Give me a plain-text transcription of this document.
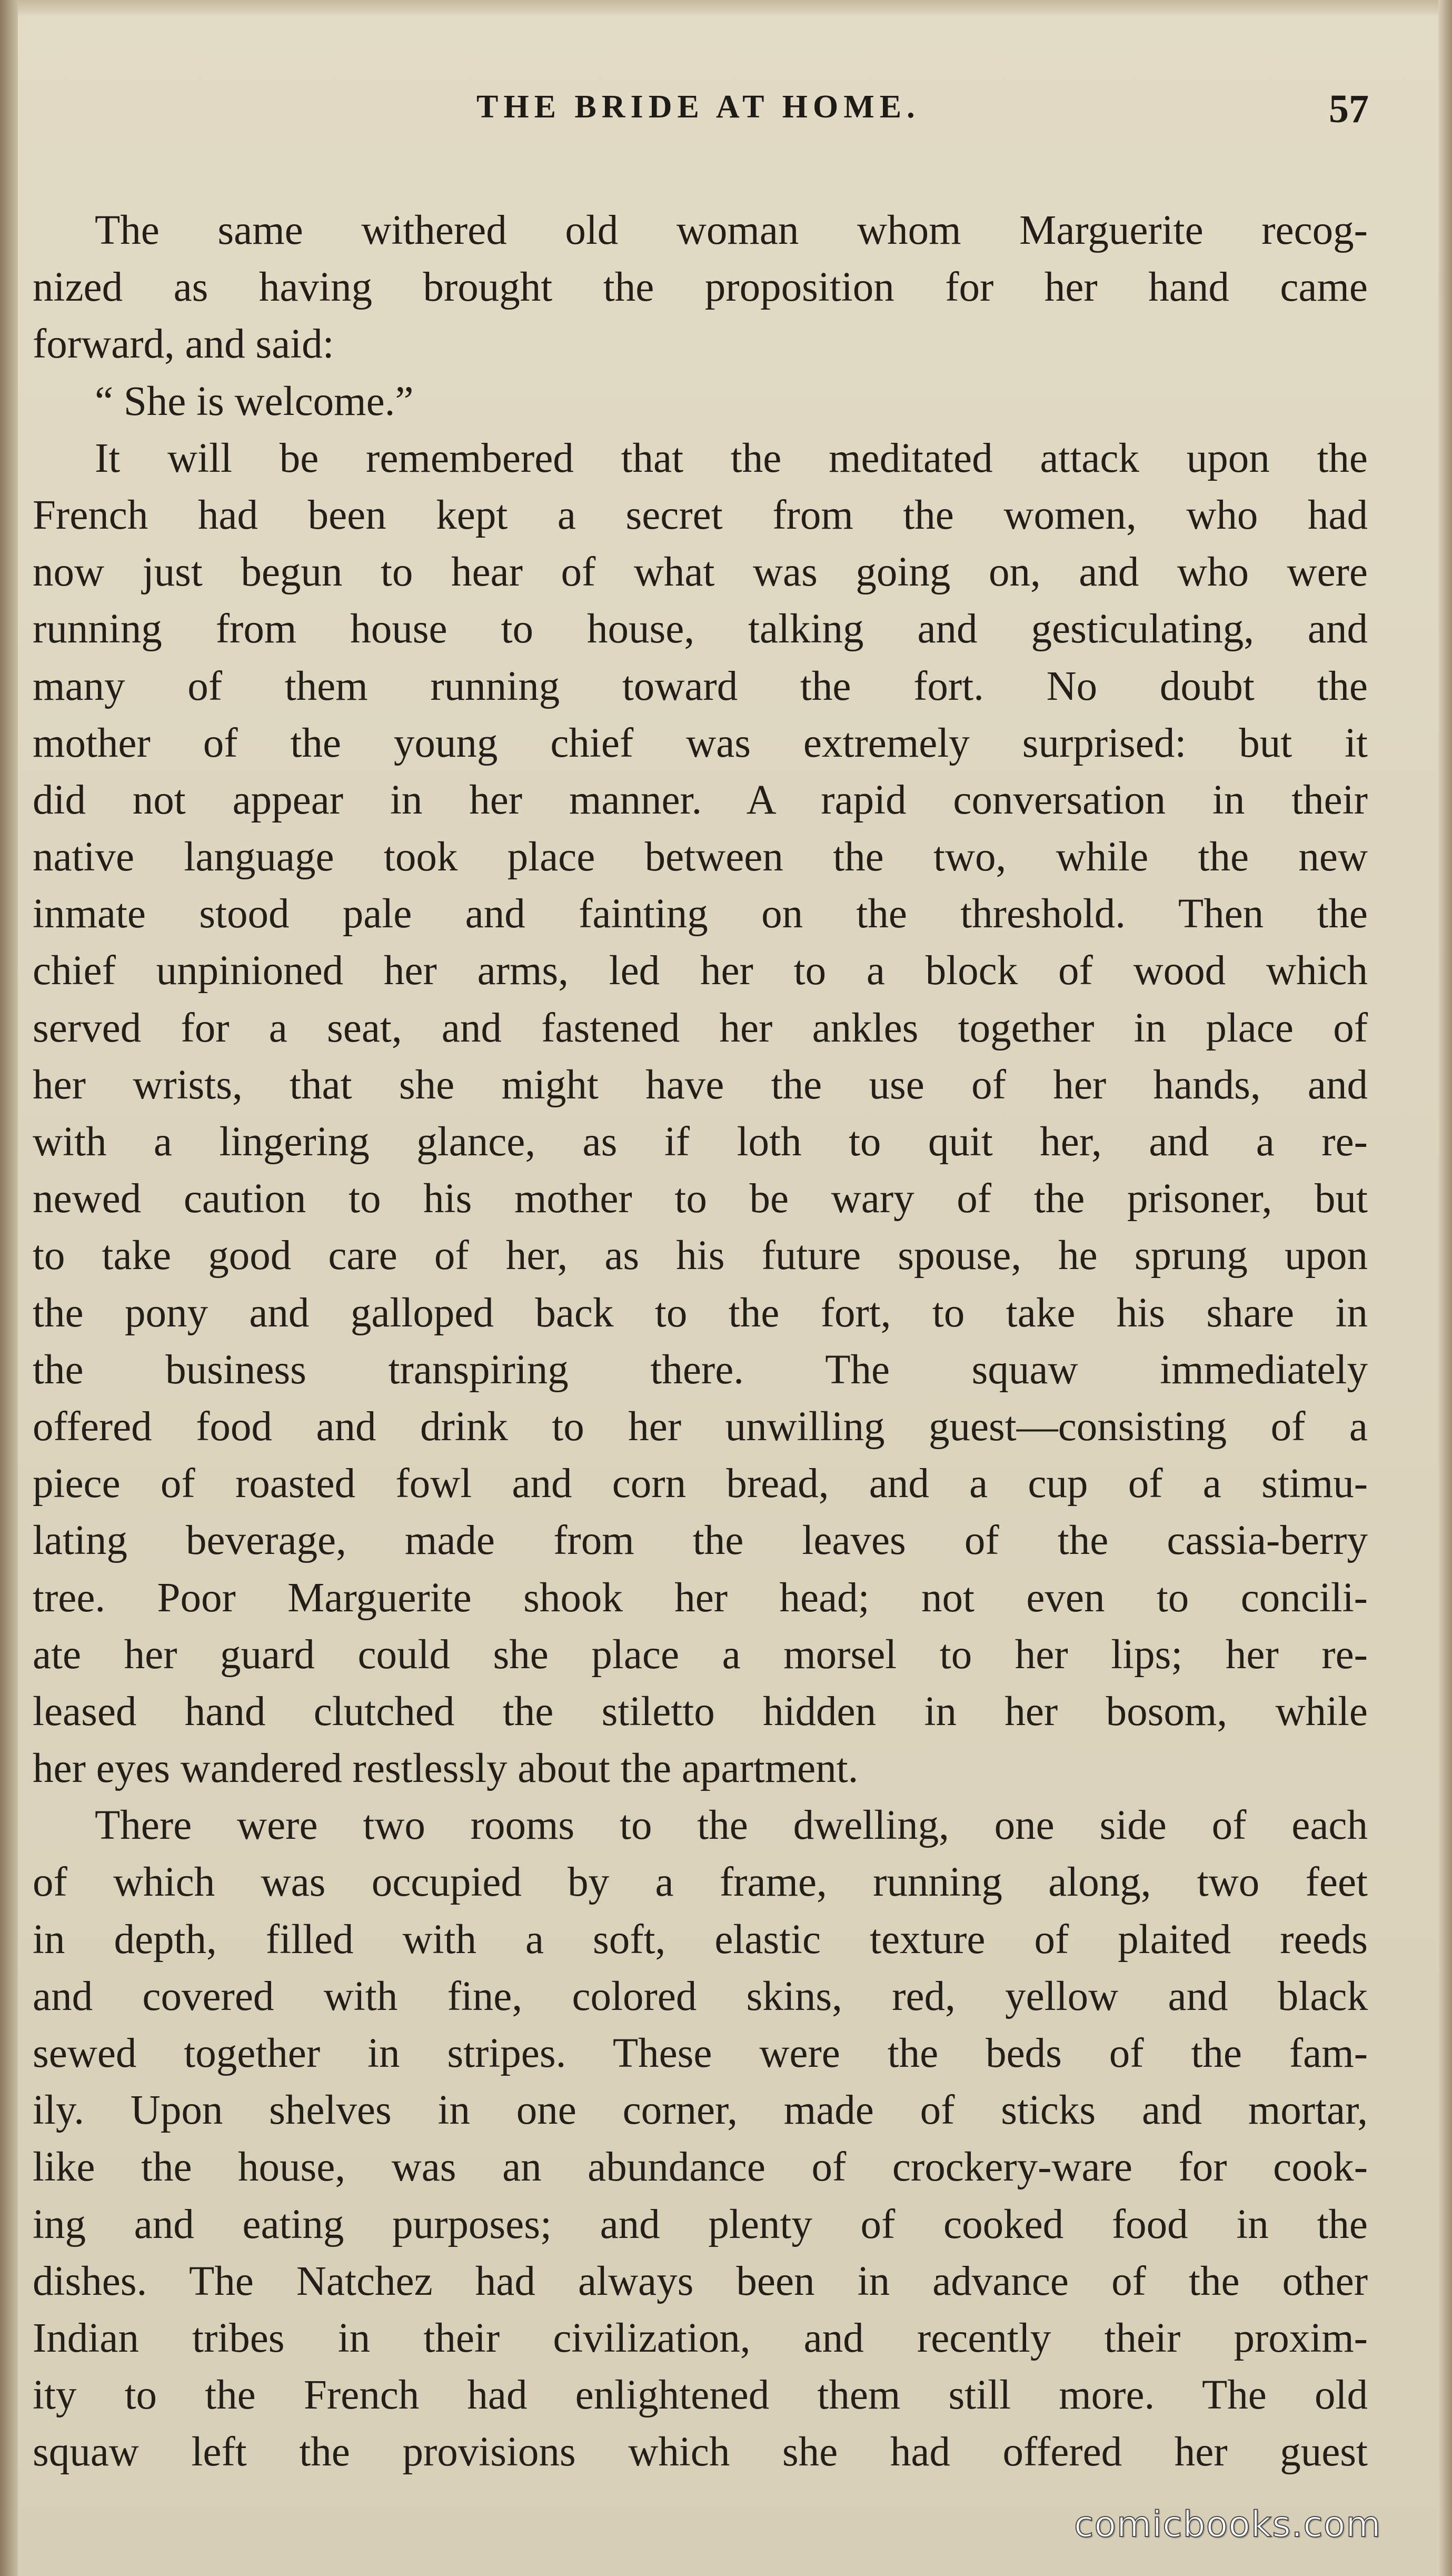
THE BRIDE AT HOME.	57
The same withered old woman whom Marguerite recog-
nized as having brought the proposition for her hand came
forward, and said:
“ She is welcome.”
It will be remembered that the meditated attack upon the
French had been kept a secret from the women, who had
now just begun to hear of what was going on, and who were
running from house to house, talking and gesticulating, and
many of them running toward the fort. No doubt the
mother of the young chief was extremely surprised: but it
did not appear in her manner. A rapid conversation in their
native language took place between the two, while the new
inmate stood pale and fainting on the threshold. Then the
chief unpinioned her arms, led her to a block of wood which
served for a seat, and fastened her ankles together in place of
her wrists, that she might have the use of her hands, and
with a lingering glance, as if loth to quit her, and a re-
newed caution to his mother to be wary of the prisoner, but
to take good care of her, as his future spouse, he sprung upon
the pony and galloped back to the fort, to take his share in
the business transpiring there. The squaw immediately
offered food and drink to her unwilling guest—consisting of a
piece of roasted fowl and corn bread, and a cup of a stimu-
lating beverage, made from the leaves of the cassia-berry
tree. Poor Marguerite shook her head; not even to concili-
ate her guard could she place a morsel to her lips; her re-
leased hand clutched the stiletto hidden in her bosom, while
her eyes wandered restlessly about the apartment.
There were two rooms to the dwelling, one side of each
of which was occupied by a frame, running along, two feet
in depth, filled with a soft, elastic texture of plaited reeds
and covered with fine, colored skins, red, yellow and black
sewed together in stripes. These were the beds of the fam-
ily. Upon shelves in one corner, made of sticks and mortar,
like the house, was an abundance of crockery-ware for cook-
ing and eating purposes; and plenty of cooked food in the
dishes. The Natchez had always been in advance of the other
Indian tribes in their civilization, and recently their proxim-
ity to the French had enlightened them still more. The old
squaw left the provisions which she had offered her guest
comicbooks.com
